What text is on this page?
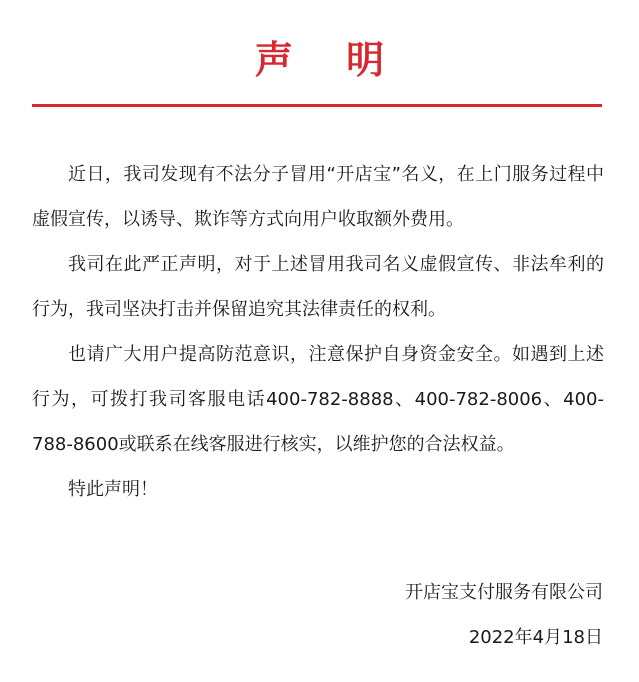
声 明

近日，我司发现有不法分子冒用“开店宝”名义，在上门服务过程中虚假宣传，以诱导、欺诈等方式向用户收取额外费用。

我司在此严正声明，对于上述冒用我司名义虚假宣传、非法牟利的行为，我司坚决打击并保留追究其法律责任的权利。

也请广大用户提高防范意识，注意保护自身资金安全。如遇到上述行为，可拨打我司客服电话400-782-8888、400-782-8006、400-788-8600或联系在线客服进行核实，以维护您的合法权益。

特此声明！

开店宝支付服务有限公司
2022年4月18日
